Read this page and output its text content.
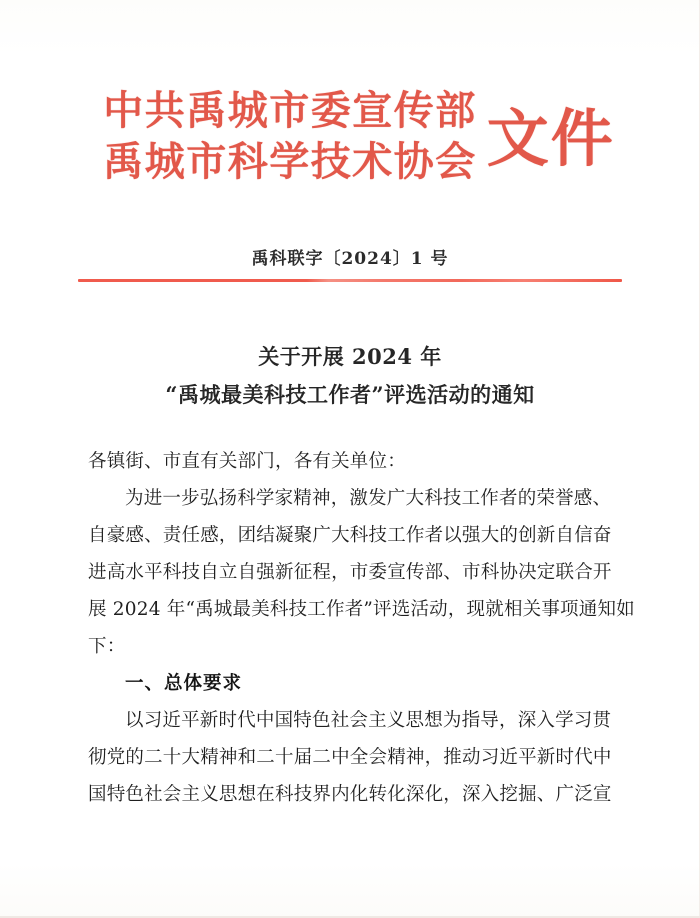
中共禹城市委宣传部
禹城市科学技术协会 文件
禹科联字〔2024〕1 号
关于开展 2024 年
“禹城最美科技工作者”评选活动的通知

各镇街、市直有关部门，各有关单位：

为进一步弘扬科学家精神，激发广大科技工作者的荣誉感、

自豪感、责任感，团结凝聚广大科技工作者以强大的创新自信奋

进高水平科技自立自强新征程，市委宣传部、市科协决定联合开

展 2024 年“禹城最美科技工作者”评选活动，现就相关事项通知如

下：

一、总体要求

以习近平新时代中国特色社会主义思想为指导，深入学习贯

彻党的二十大精神和二十届二中全会精神，推动习近平新时代中

国特色社会主义思想在科技界内化转化深化，深入挖掘、广泛宣
